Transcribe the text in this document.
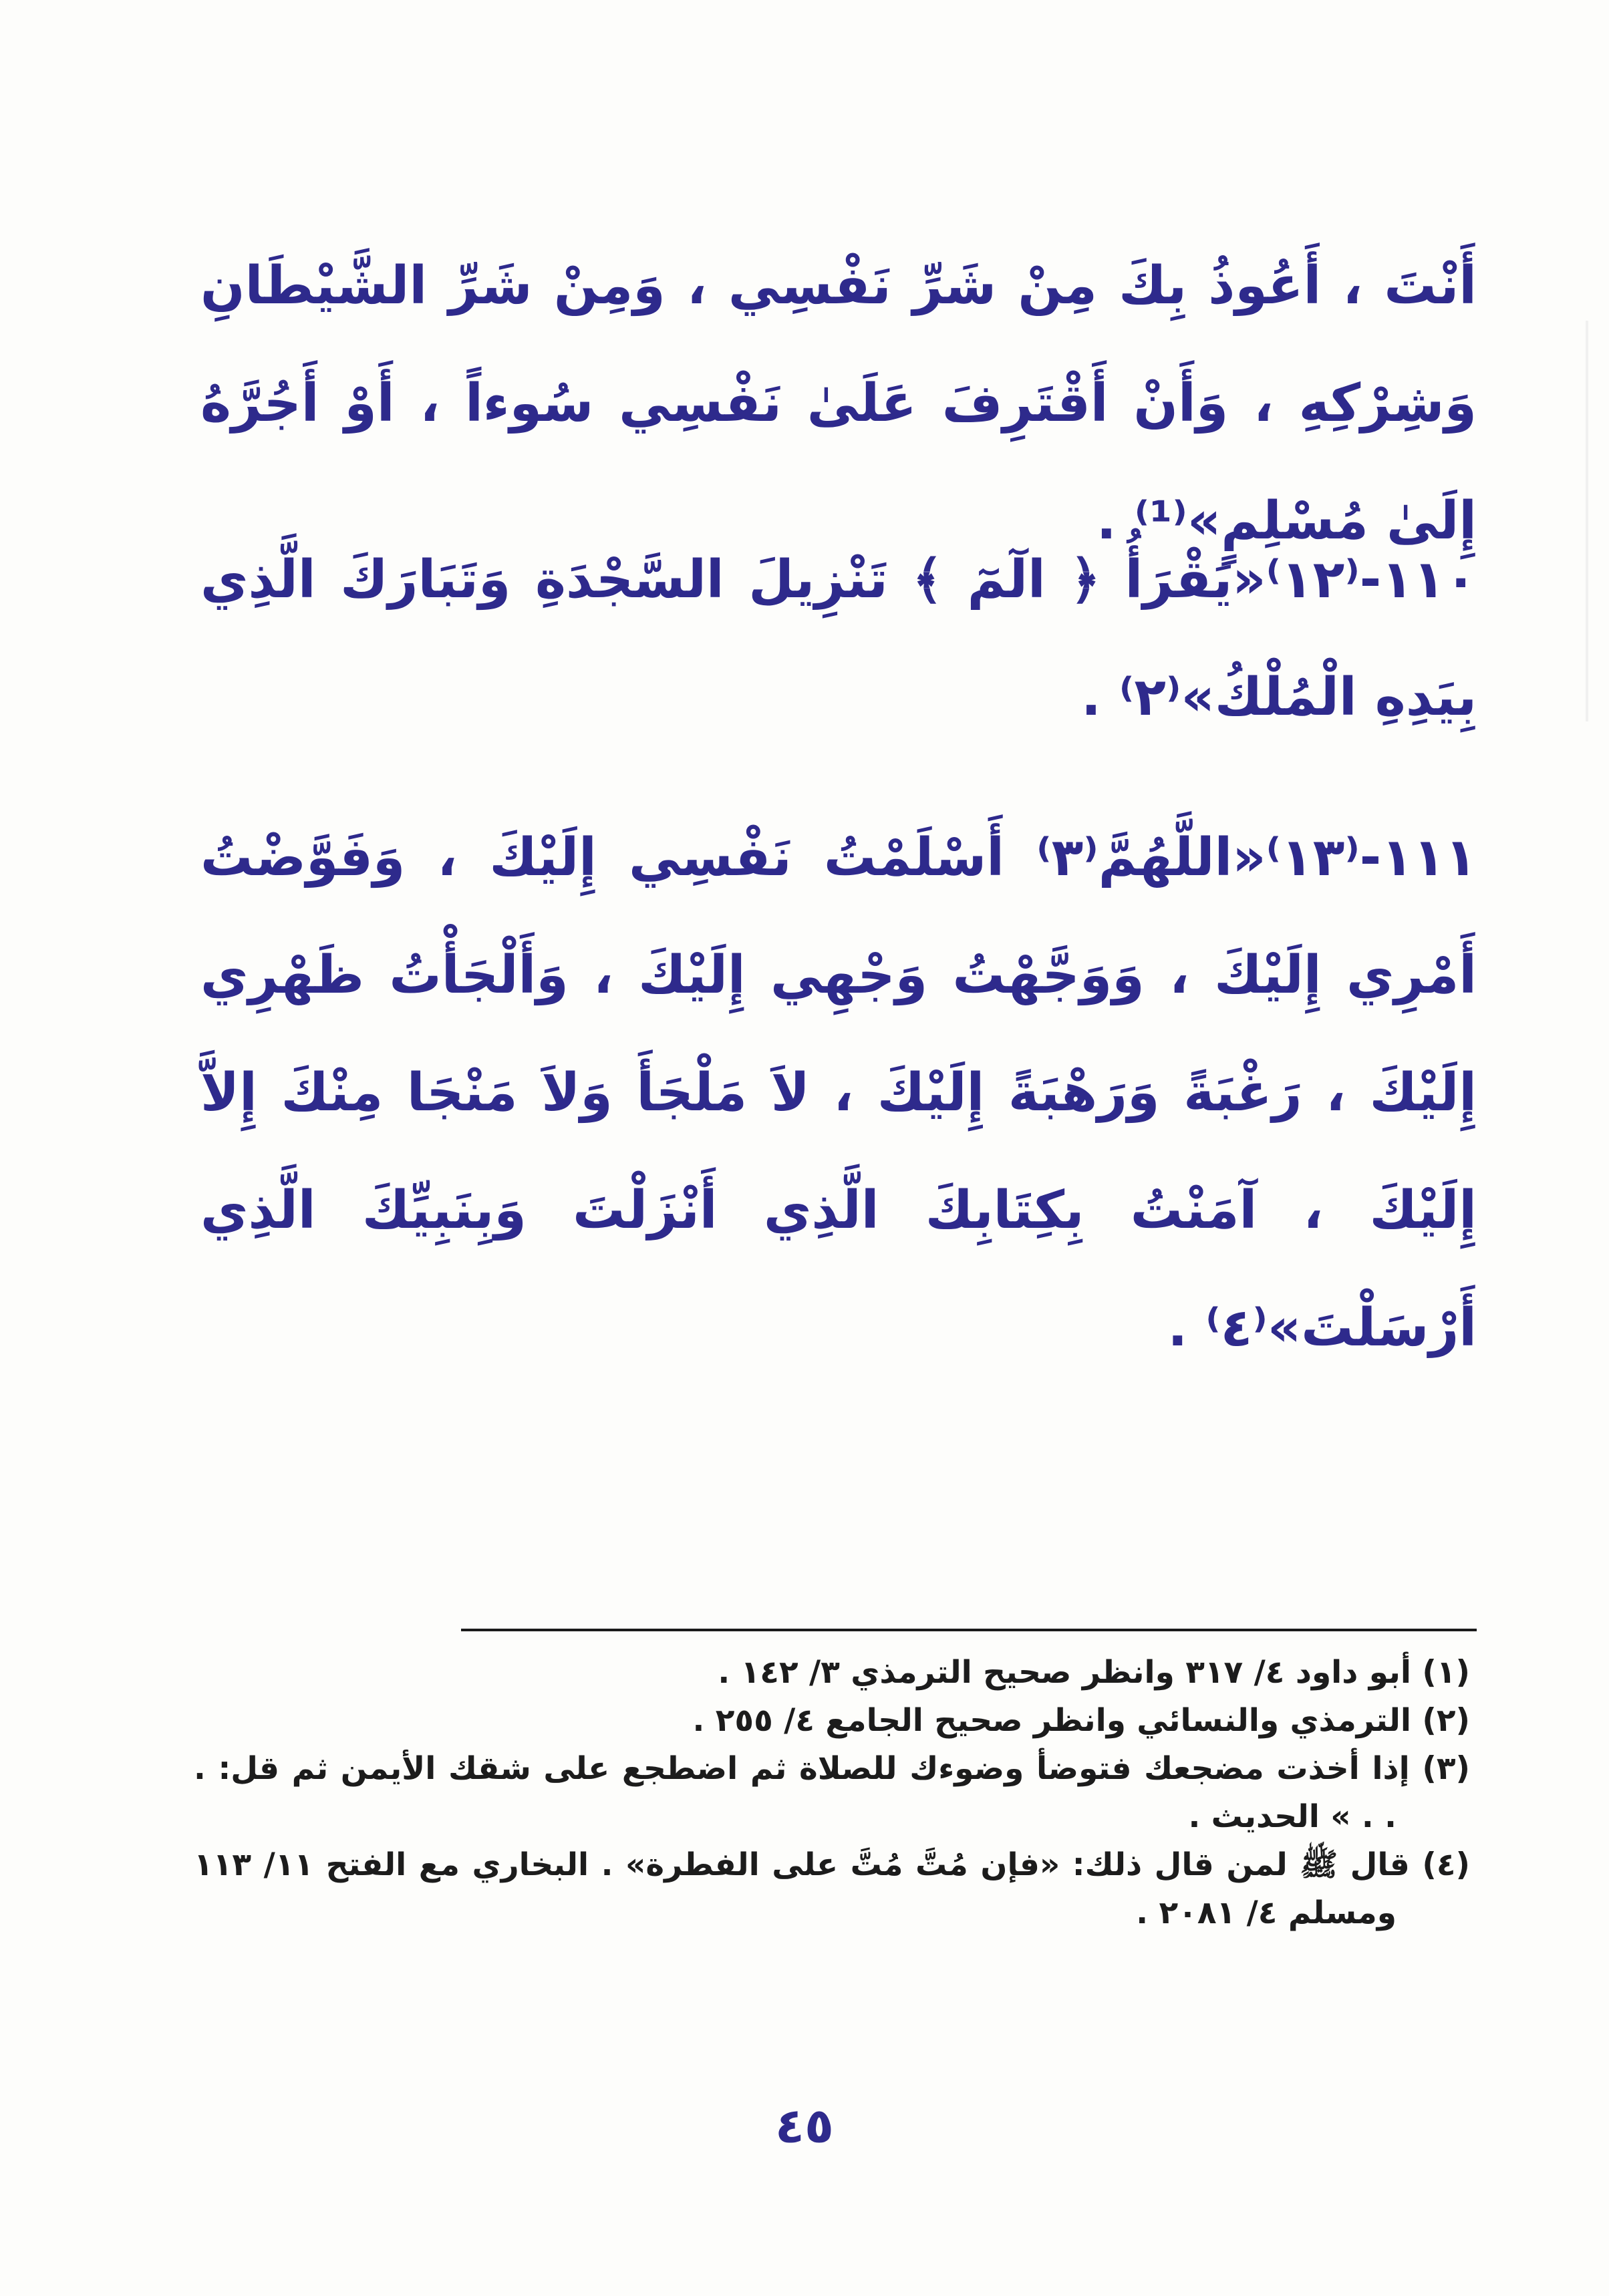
أَنْتَ ، أَعُوذُ بِكَ مِنْ شَرِّ نَفْسِي ، وَمِنْ شَرِّ الشَّيْطَانِ وَشِرْكِهِ ، وَأَنْ أَقْتَرِفَ عَلَىٰ نَفْسِي سُوءاً ، أَوْ أَجُرَّهُ إِلَىٰ مُسْلِمٍ»⁽¹⁾ .

١١٠-⁽١٢⁾«يَقْرَأُ ﴿ الٓمٓ ﴾ تَنْزِيلَ السَّجْدَةِ وَتَبَارَكَ الَّذِي بِيَدِهِ الْمُلْكُ»⁽٢⁾ .

١١١-⁽١٣⁾«اللَّهُمَّ⁽٣⁾ أَسْلَمْتُ نَفْسِي إِلَيْكَ ، وَفَوَّضْتُ أَمْرِي إِلَيْكَ ، وَوَجَّهْتُ وَجْهِي إِلَيْكَ ، وَأَلْجَأْتُ ظَهْرِي إِلَيْكَ ، رَغْبَةً وَرَهْبَةً إِلَيْكَ ، لاَ مَلْجَأَ وَلاَ مَنْجَا مِنْكَ إِلاَّ إِلَيْكَ ، آمَنْتُ بِكِتَابِكَ الَّذِي أَنْزَلْتَ وَبِنَبِيِّكَ الَّذِي أَرْسَلْتَ»⁽٤⁾ .

(١) أبو داود ٤/ ٣١٧ وانظر صحيح الترمذي ٣/ ١٤٢ .

(٢) الترمذي والنسائي وانظر صحيح الجامع ٤/ ٢٥٥ .

(٣) إذا أخذت مضجعك فتوضأ وضوءك للصلاة ثم اضطجع على شقك الأيمن ثم قل: . . . » الحديث .

(٤) قال ﷺ لمن قال ذلك: «فإن مُتَّ مُتَّ على الفطرة» . البخاري مع الفتح ١١/ ١١٣ ومسلم ٤/ ٢٠٨١ .

٤٥
